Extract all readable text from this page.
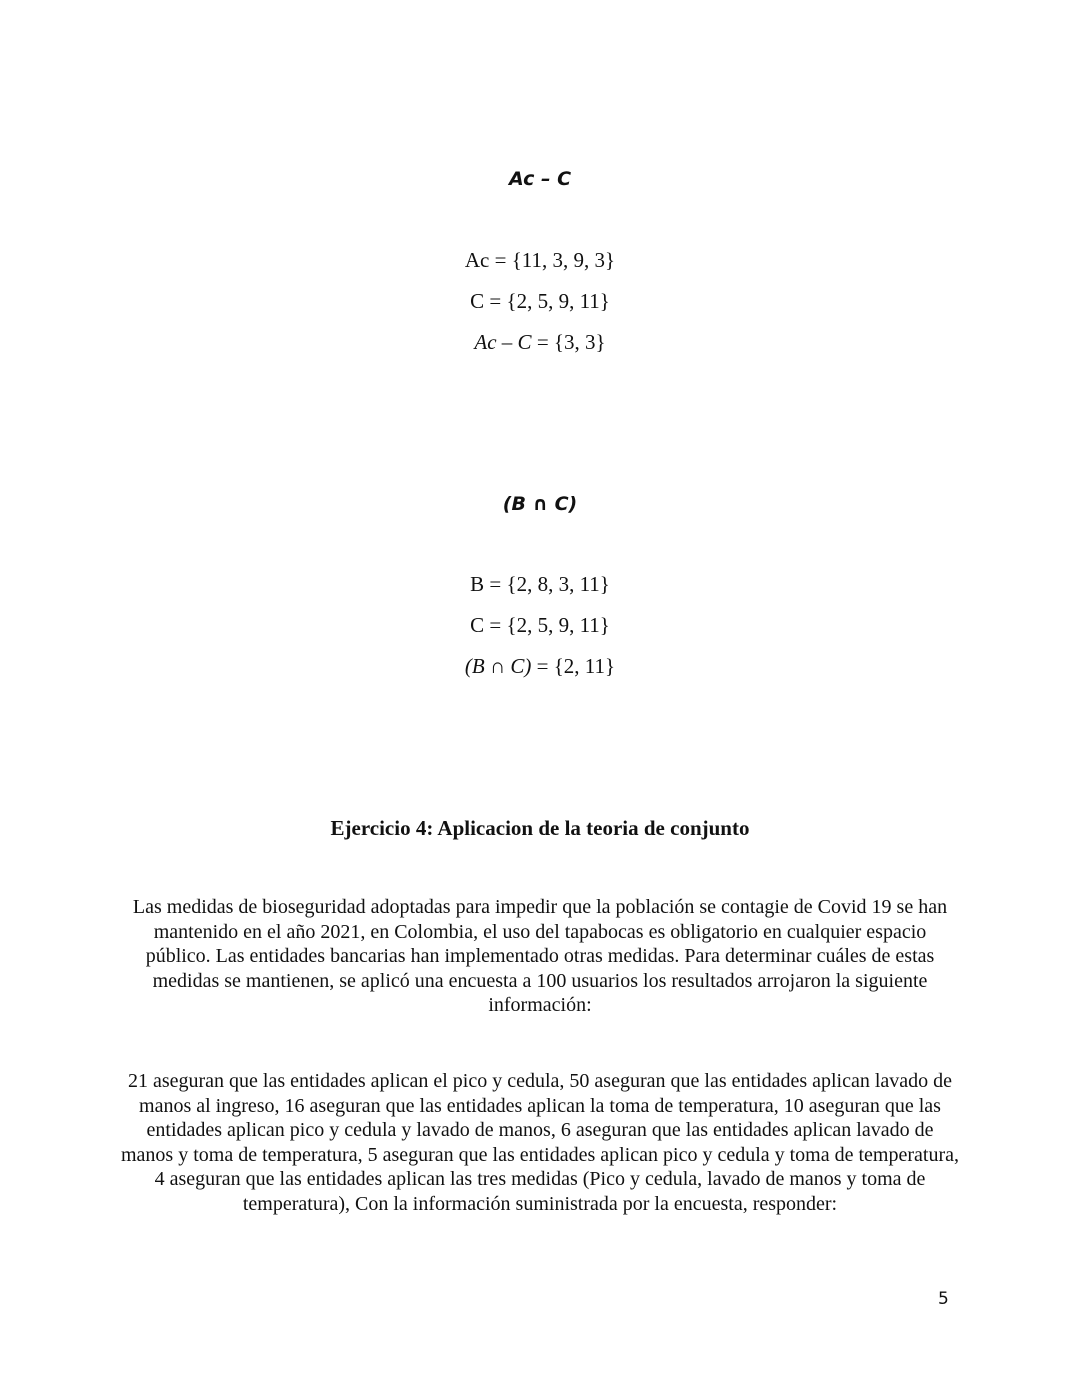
Ac – C
Ac = {11, 3, 9, 3}
C = {2, 5, 9, 11}
Ac – C = {3, 3}
(B ∩ C)
B = {2, 8, 3, 11}
C = {2, 5, 9, 11}
(B ∩ C) = {2, 11}
Ejercicio 4: Aplicacion de la teoria de conjunto
Las medidas de bioseguridad adoptadas para impedir que la población se contagie de Covid 19 se han mantenido en el año 2021, en Colombia, el uso del tapabocas es obligatorio en cualquier espacio público. Las entidades bancarias han implementado otras medidas. Para determinar cuáles de estas medidas se mantienen, se aplicó una encuesta a 100 usuarios los resultados arrojaron la siguiente información:
21 aseguran que las entidades aplican el pico y cedula, 50 aseguran que las entidades aplican lavado de manos al ingreso, 16 aseguran que las entidades aplican la toma de temperatura, 10 aseguran que las entidades aplican pico y cedula y lavado de manos, 6 aseguran que las entidades aplican lavado de manos y toma de temperatura, 5 aseguran que las entidades aplican pico y cedula y toma de temperatura, 4 aseguran que las entidades aplican las tres medidas (Pico y cedula, lavado de manos y toma de temperatura), Con la información suministrada por la encuesta, responder:
5
